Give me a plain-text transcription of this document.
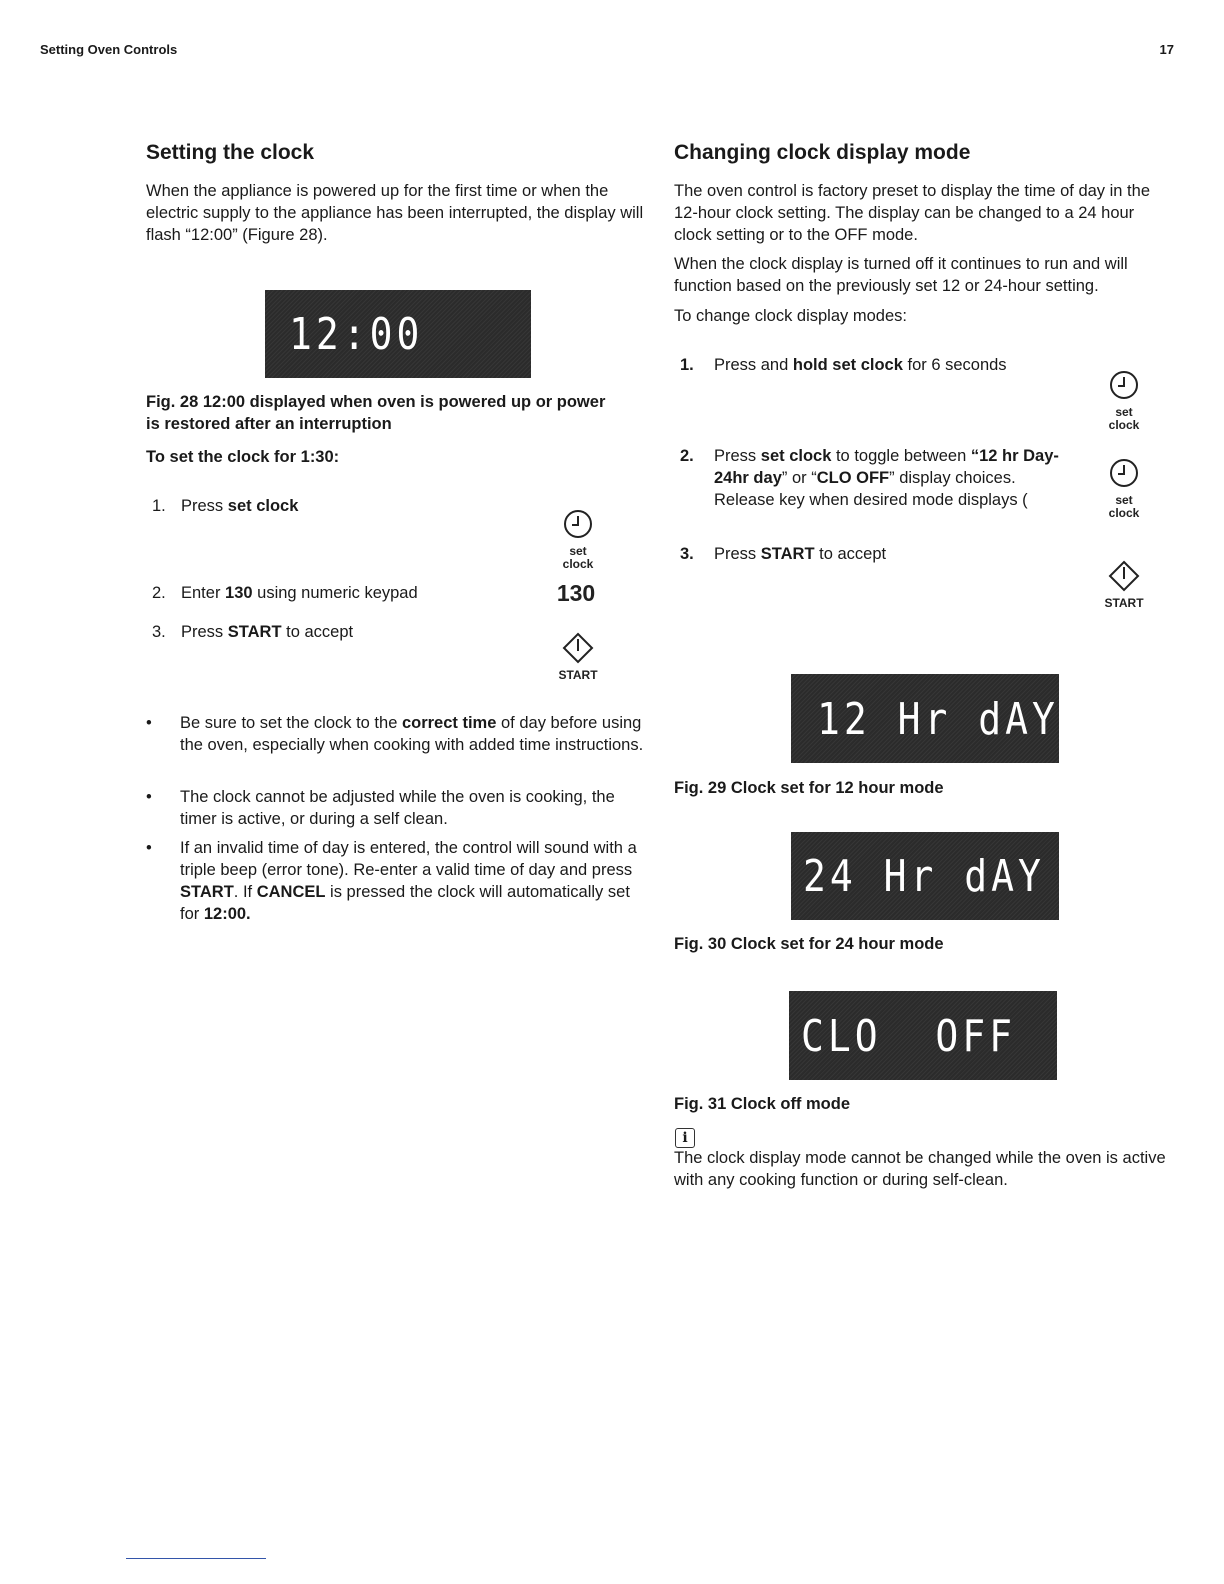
Setting Oven Controls	17
Setting the clock

When the appliance is powered up for the first time or when the electric supply to the appliance has been interrupted, the display will flash “12:00” (Figure 28).

12:00
Fig. 28 12:00 displayed when oven is powered up or power is restored after an interruption
To set the clock for 1:30:
1. Press set clock
2. Enter 130 using numeric keypad
3. Press START to accept
set
clock
130
START
• Be sure to set the clock to the correct time of day before using the oven, especially when cooking with added time instructions.
• The clock cannot be adjusted while the oven is cooking, the timer is active, or during a self clean.
• If an invalid time of day is entered, the control will sound with a triple beep (error tone). Re-enter a valid time of day and press START. If CANCEL is pressed the clock will automatically set for 12:00.
Changing clock display mode

The oven control is factory preset to display the time of day in the 12-hour clock setting. The display can be changed to a 24 hour clock setting or to the OFF mode.

When the clock display is turned off it continues to run and will function based on the previously set 12 or 24-hour setting.

To change clock display modes:

1. Press and hold set clock for 6 seconds
2. Press set clock to toggle between “12 hr Day- 24hr day” or “CLO OFF” display choices. Release key when desired mode displays (
3. Press START to accept
set
clock
set
clock
START
12 Hr dAY
Fig. 29 Clock set for 12 hour mode
24 Hr dAY
Fig. 30 Clock set for 24 hour mode
CLO  OFF
Fig. 31 Clock off mode
i

The clock display mode cannot be changed while the oven is active with any cooking function or during self-clean.
